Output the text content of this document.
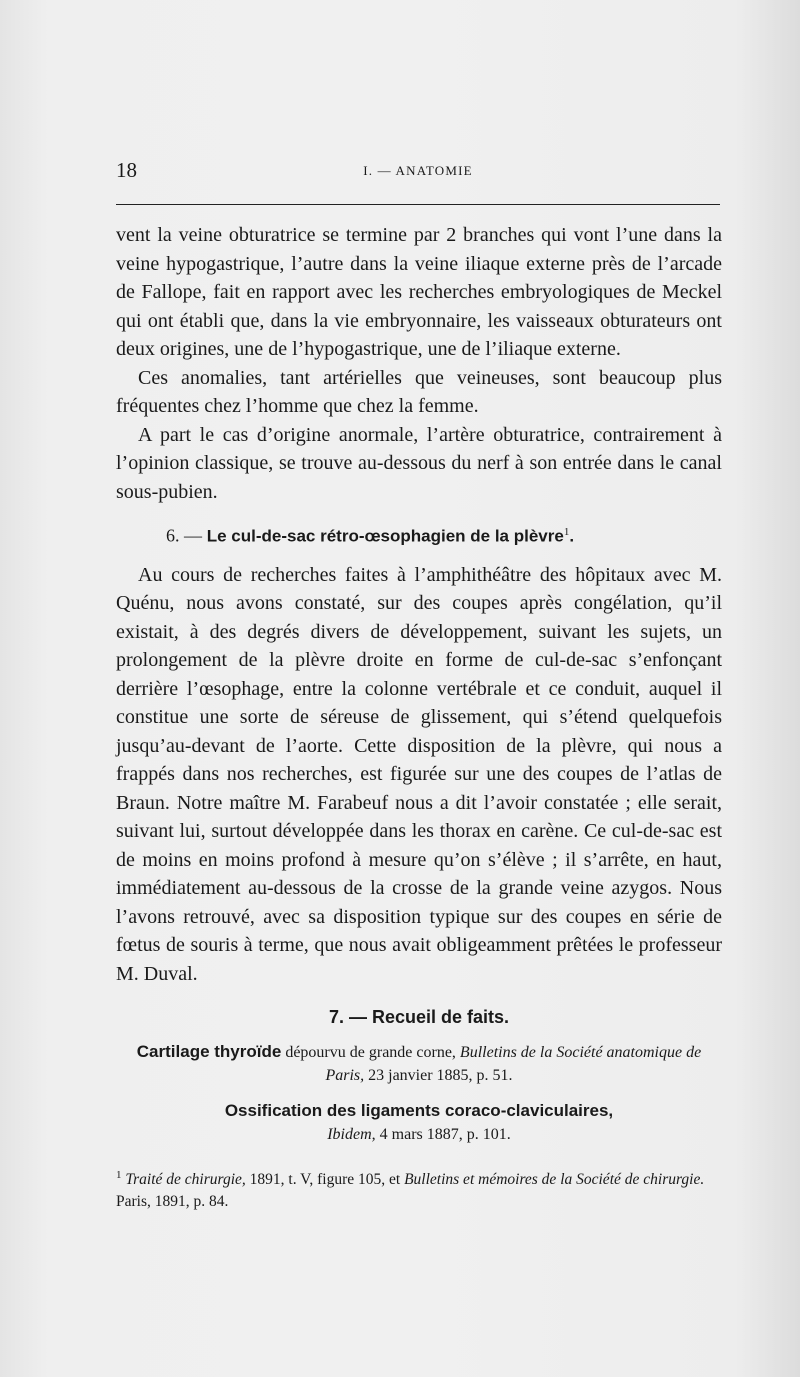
18	I. — ANATOMIE

vent la veine obturatrice se termine par 2 branches qui vont l’une dans la veine hypogastrique, l’autre dans la veine iliaque externe près de l’arcade de Fallope, fait en rapport avec les recherches embryologiques de Meckel qui ont établi que, dans la vie embryonnaire, les vaisseaux obturateurs ont deux origines, une de l’hypogastrique, une de l’iliaque externe.

Ces anomalies, tant artérielles que veineuses, sont beaucoup plus fréquentes chez l’homme que chez la femme.

A part le cas d’origine anormale, l’artère obturatrice, contrairement à l’opinion classique, se trouve au-dessous du nerf à son entrée dans le canal sous-pubien.

6. — Le cul-de-sac rétro-œsophagien de la plèvre$^1$.

Au cours de recherches faites à l’amphithéâtre des hôpitaux avec M. Quénu, nous avons constaté, sur des coupes après congélation, qu’il existait, à des degrés divers de développement, suivant les sujets, un prolongement de la plèvre droite en forme de cul-de-sac s’enfonçant derrière l’œsophage, entre la colonne vertébrale et ce conduit, auquel il constitue une sorte de séreuse de glissement, qui s’étend quelquefois jusqu’au-devant de l’aorte. Cette disposition de la plèvre, qui nous a frappés dans nos recherches, est figurée sur une des coupes de l’atlas de Braun. Notre maître M. Farabeuf nous a dit l’avoir constatée ; elle serait, suivant lui, surtout développée dans les thorax en carène. Ce cul-de-sac est de moins en moins profond à mesure qu’on s’élève ; il s’arrête, en haut, immédiatement au-dessous de la crosse de la grande veine azygos. Nous l’avons retrouvé, avec sa disposition typique sur des coupes en série de fœtus de souris à terme, que nous avait obligeamment prêtées le professeur M. Duval.

7. — Recueil de faits.

Cartilage thyroïde dépourvu de grande corne, Bulletins de la Société anatomique de Paris, 23 janvier 1885, p. 51.

Ossification des ligaments coraco-claviculaires,
Ibidem, 4 mars 1887, p. 101.

$^1$ Traité de chirurgie, 1891, t. V, figure 105, et Bulletins et mémoires de la Société de chirurgie. Paris, 1891, p. 84.
